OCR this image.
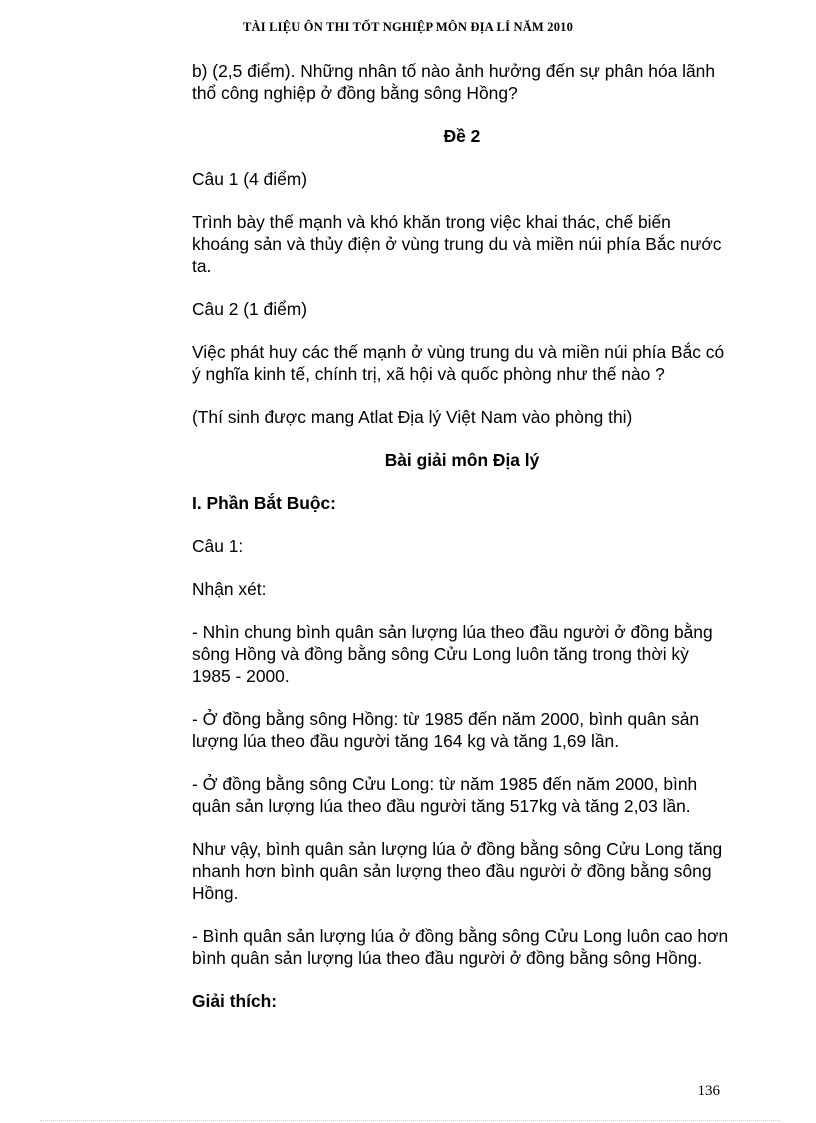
TÀI LIỆU ÔN THI TỐT NGHIỆP MÔN ĐỊA LÍ NĂM 2010

b) (2,5 điểm). Những nhân tố nào ảnh hưởng đến sự phân hóa lãnh thổ công nghiệp ở đồng bằng sông Hồng?

Đề 2

Câu 1 (4 điểm)

Trình bày thế mạnh và khó khăn trong việc khai thác, chế biến khoáng sản và thủy điện ở vùng trung du và miền núi phía Bắc nước ta.

Câu 2 (1 điểm)

Việc phát huy các thế mạnh ở vùng trung du và miền núi phía Bắc có ý nghĩa kinh tế, chính trị, xã hội và quốc phòng như thế nào ?

(Thí sinh được mang Atlat Địa lý Việt Nam vào phòng thi)

Bài giải môn Địa lý

I. Phần Bắt Buộc:

Câu 1:

Nhận xét:

- Nhìn chung bình quân sản lượng lúa theo đầu người ở đồng bằng sông Hồng và đồng bằng sông Cửu Long luôn tăng trong thời kỳ 1985 - 2000.

- Ở đồng bằng sông Hồng: từ 1985 đến năm 2000, bình quân sản lượng lúa theo đầu người tăng 164 kg và tăng 1,69 lần.

- Ở đồng bằng sông Cửu Long: từ năm 1985 đến năm 2000, bình quân sản lượng lúa theo đầu người tăng 517kg và tăng 2,03 lần.

Như vậy, bình quân sản lượng lúa ở đồng bằng sông Cửu Long tăng nhanh hơn bình quân sản lượng theo đầu người ở đồng bằng sông Hồng.

- Bình quân sản lượng lúa ở đồng bằng sông Cửu Long luôn cao hơn bình quân sản lượng lúa theo đầu người ở đồng bằng sông Hồng.

Giải thích:

136
